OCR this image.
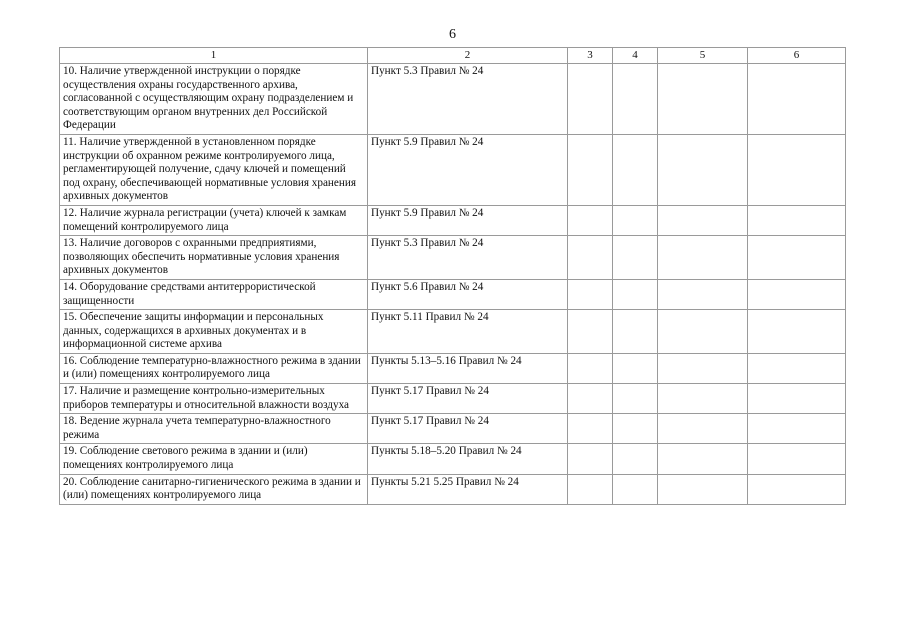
6
1	2	3	4	5	6
10. Наличие утвержденной инструкции о порядке осуществления охраны государственного архива, согласованной с осуществляющим охрану подразделением и соответствующим органом внутренних дел Российской Федерации	Пункт 5.3 Правил № 24				
11. Наличие утвержденной в установленном порядке инструкции об охранном режиме контролируемого лица, регламентирующей получение, сдачу ключей и помещений под охрану, обеспечивающей нормативные условия хранения архивных документов	Пункт 5.9 Правил № 24				
12. Наличие журнала регистрации (учета) ключей к замкам помещений контролируемого лица	Пункт 5.9 Правил № 24				
13. Наличие договоров с охранными предприятиями, позволяющих обеспечить нормативные условия хранения архивных документов	Пункт 5.3 Правил № 24				
14. Оборудование средствами антитеррористической защищенности	Пункт 5.6 Правил № 24				
15. Обеспечение защиты информации и персональных данных, содержащихся в архивных документах и в информационной системе архива	Пункт 5.11 Правил № 24				
16. Соблюдение температурно-влажностного режима в здании и (или) помещениях контролируемого лица	Пункты 5.13–5.16 Правил № 24				
17. Наличие и размещение контрольно-измерительных приборов температуры и относительной влажности воздуха	Пункт 5.17 Правил № 24				
18. Ведение журнала учета температурно-влажностного режима	Пункт 5.17 Правил № 24				
19. Соблюдение светового режима в здании и (или) помещениях контролируемого лица	Пункты 5.18–5.20 Правил № 24				
20. Соблюдение санитарно-гигиенического режима в здании и (или) помещениях контролируемого лица	Пункты 5.21 5.25 Правил № 24				
